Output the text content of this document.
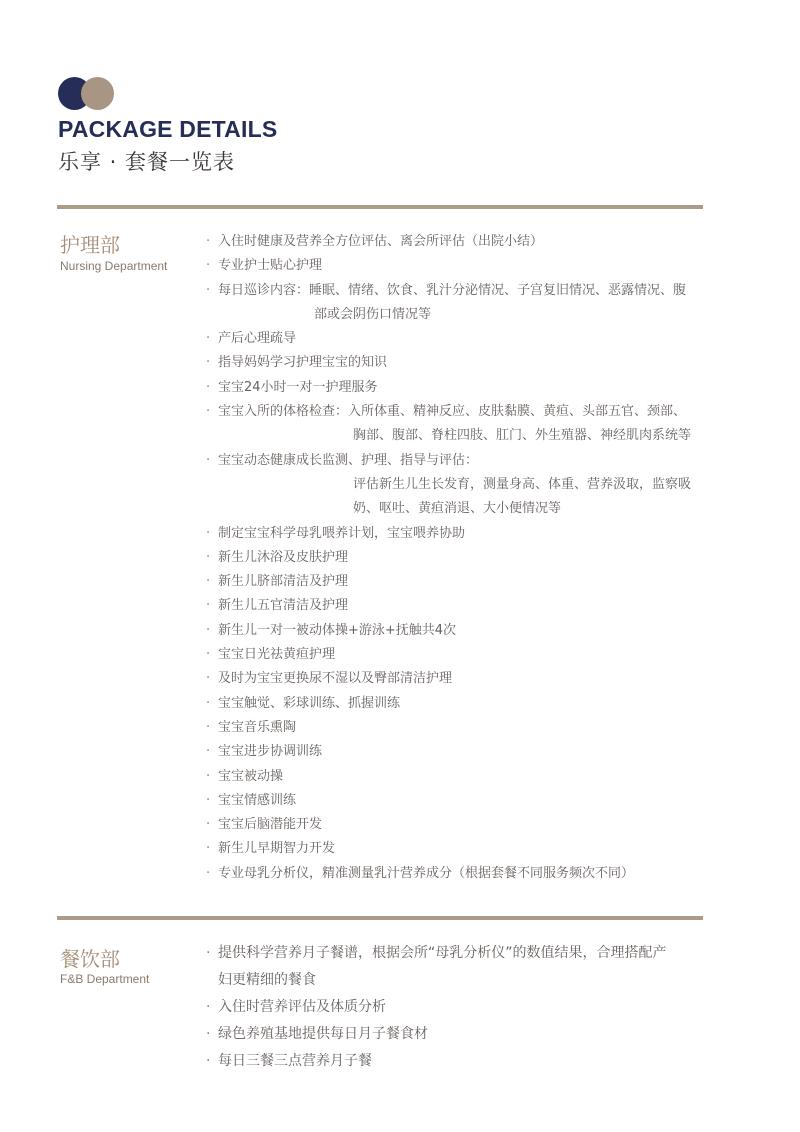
PACKAGE DETAILS
乐享 · 套餐一览表
护理部
Nursing Department
· 入住时健康及营养全方位评估、离会所评估（出院小结）
· 专业护士贴心护理
· 每日巡诊内容：睡眠、情绪、饮食、乳汁分泌情况、子宫复旧情况、恶露情况、腹
部或会阴伤口情况等
· 产后心理疏导
· 指导妈妈学习护理宝宝的知识
· 宝宝24小时一对一护理服务
· 宝宝入所的体格检查：入所体重、精神反应、皮肤黏膜、黄疸、头部五官、颈部、
胸部、腹部、脊柱四肢、肛门、外生殖器、神经肌肉系统等
· 宝宝动态健康成长监测、护理、指导与评估：
评估新生儿生长发育，测量身高、体重、营养汲取，监察吸
奶、呕吐、黄疸消退、大小便情况等
· 制定宝宝科学母乳喂养计划，宝宝喂养协助
· 新生儿沐浴及皮肤护理
· 新生儿脐部清洁及护理
· 新生儿五官清洁及护理
· 新生儿一对一被动体操+游泳+抚触共4次
· 宝宝日光祛黄疸护理
· 及时为宝宝更换尿不湿以及臀部清洁护理
· 宝宝触觉、彩球训练、抓握训练
· 宝宝音乐熏陶
· 宝宝进步协调训练
· 宝宝被动操
· 宝宝情感训练
· 宝宝后脑潜能开发
· 新生儿早期智力开发
· 专业母乳分析仪，精准测量乳汁营养成分（根据套餐不同服务频次不同）
餐饮部
F&B Department
· 提供科学营养月子餐谱，根据会所“母乳分析仪”的数值结果，合理搭配产
妇更精细的餐食
· 入住时营养评估及体质分析
· 绿色养殖基地提供每日月子餐食材
· 每日三餐三点营养月子餐
